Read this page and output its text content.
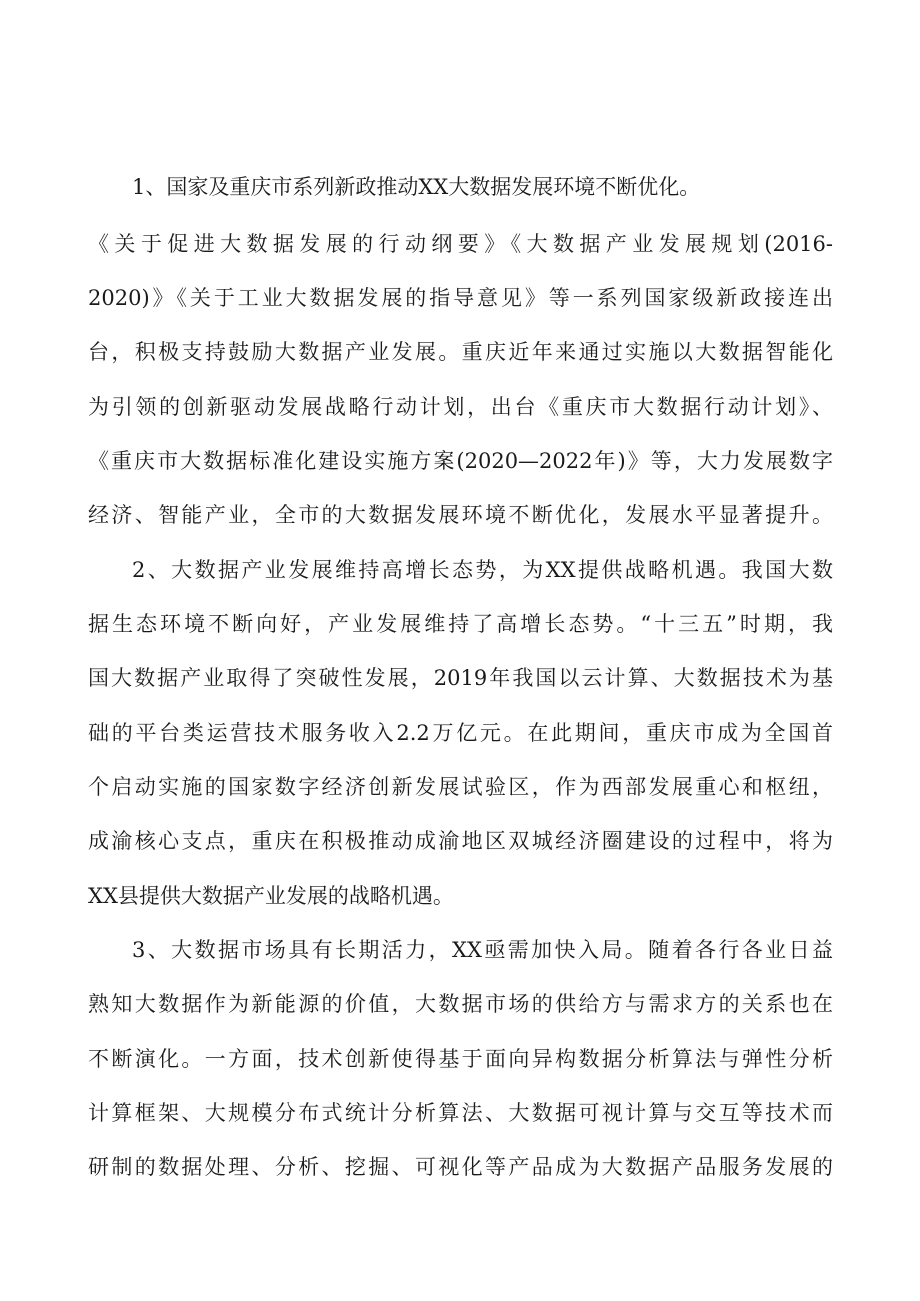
1、国家及重庆市系列新政推动XX大数据发展环境不断优化。
《关于促进大数据发展的行动纲要》《大数据产业发展规划(2016-
2020)》《关于工业大数据发展的指导意见》等一系列国家级新政接连出
台，积极支持鼓励大数据产业发展。重庆近年来通过实施以大数据智能化
为引领的创新驱动发展战略行动计划，出台《重庆市大数据行动计划》、
《重庆市大数据标准化建设实施方案(2020—2022年)》等，大力发展数字
经济、智能产业，全市的大数据发展环境不断优化，发展水平显著提升。
2、大数据产业发展维持高增长态势，为XX提供战略机遇。我国大数
据生态环境不断向好，产业发展维持了高增长态势。“十三五”时期，我
国大数据产业取得了突破性发展，2019年我国以云计算、大数据技术为基
础的平台类运营技术服务收入2.2万亿元。在此期间，重庆市成为全国首
个启动实施的国家数字经济创新发展试验区，作为西部发展重心和枢纽，
成渝核心支点，重庆在积极推动成渝地区双城经济圈建设的过程中，将为
XX县提供大数据产业发展的战略机遇。
3、大数据市场具有长期活力，XX亟需加快入局。随着各行各业日益
熟知大数据作为新能源的价值，大数据市场的供给方与需求方的关系也在
不断演化。一方面，技术创新使得基于面向异构数据分析算法与弹性分析
计算框架、大规模分布式统计分析算法、大数据可视计算与交互等技术而
研制的数据处理、分析、挖掘、可视化等产品成为大数据产品服务发展的
